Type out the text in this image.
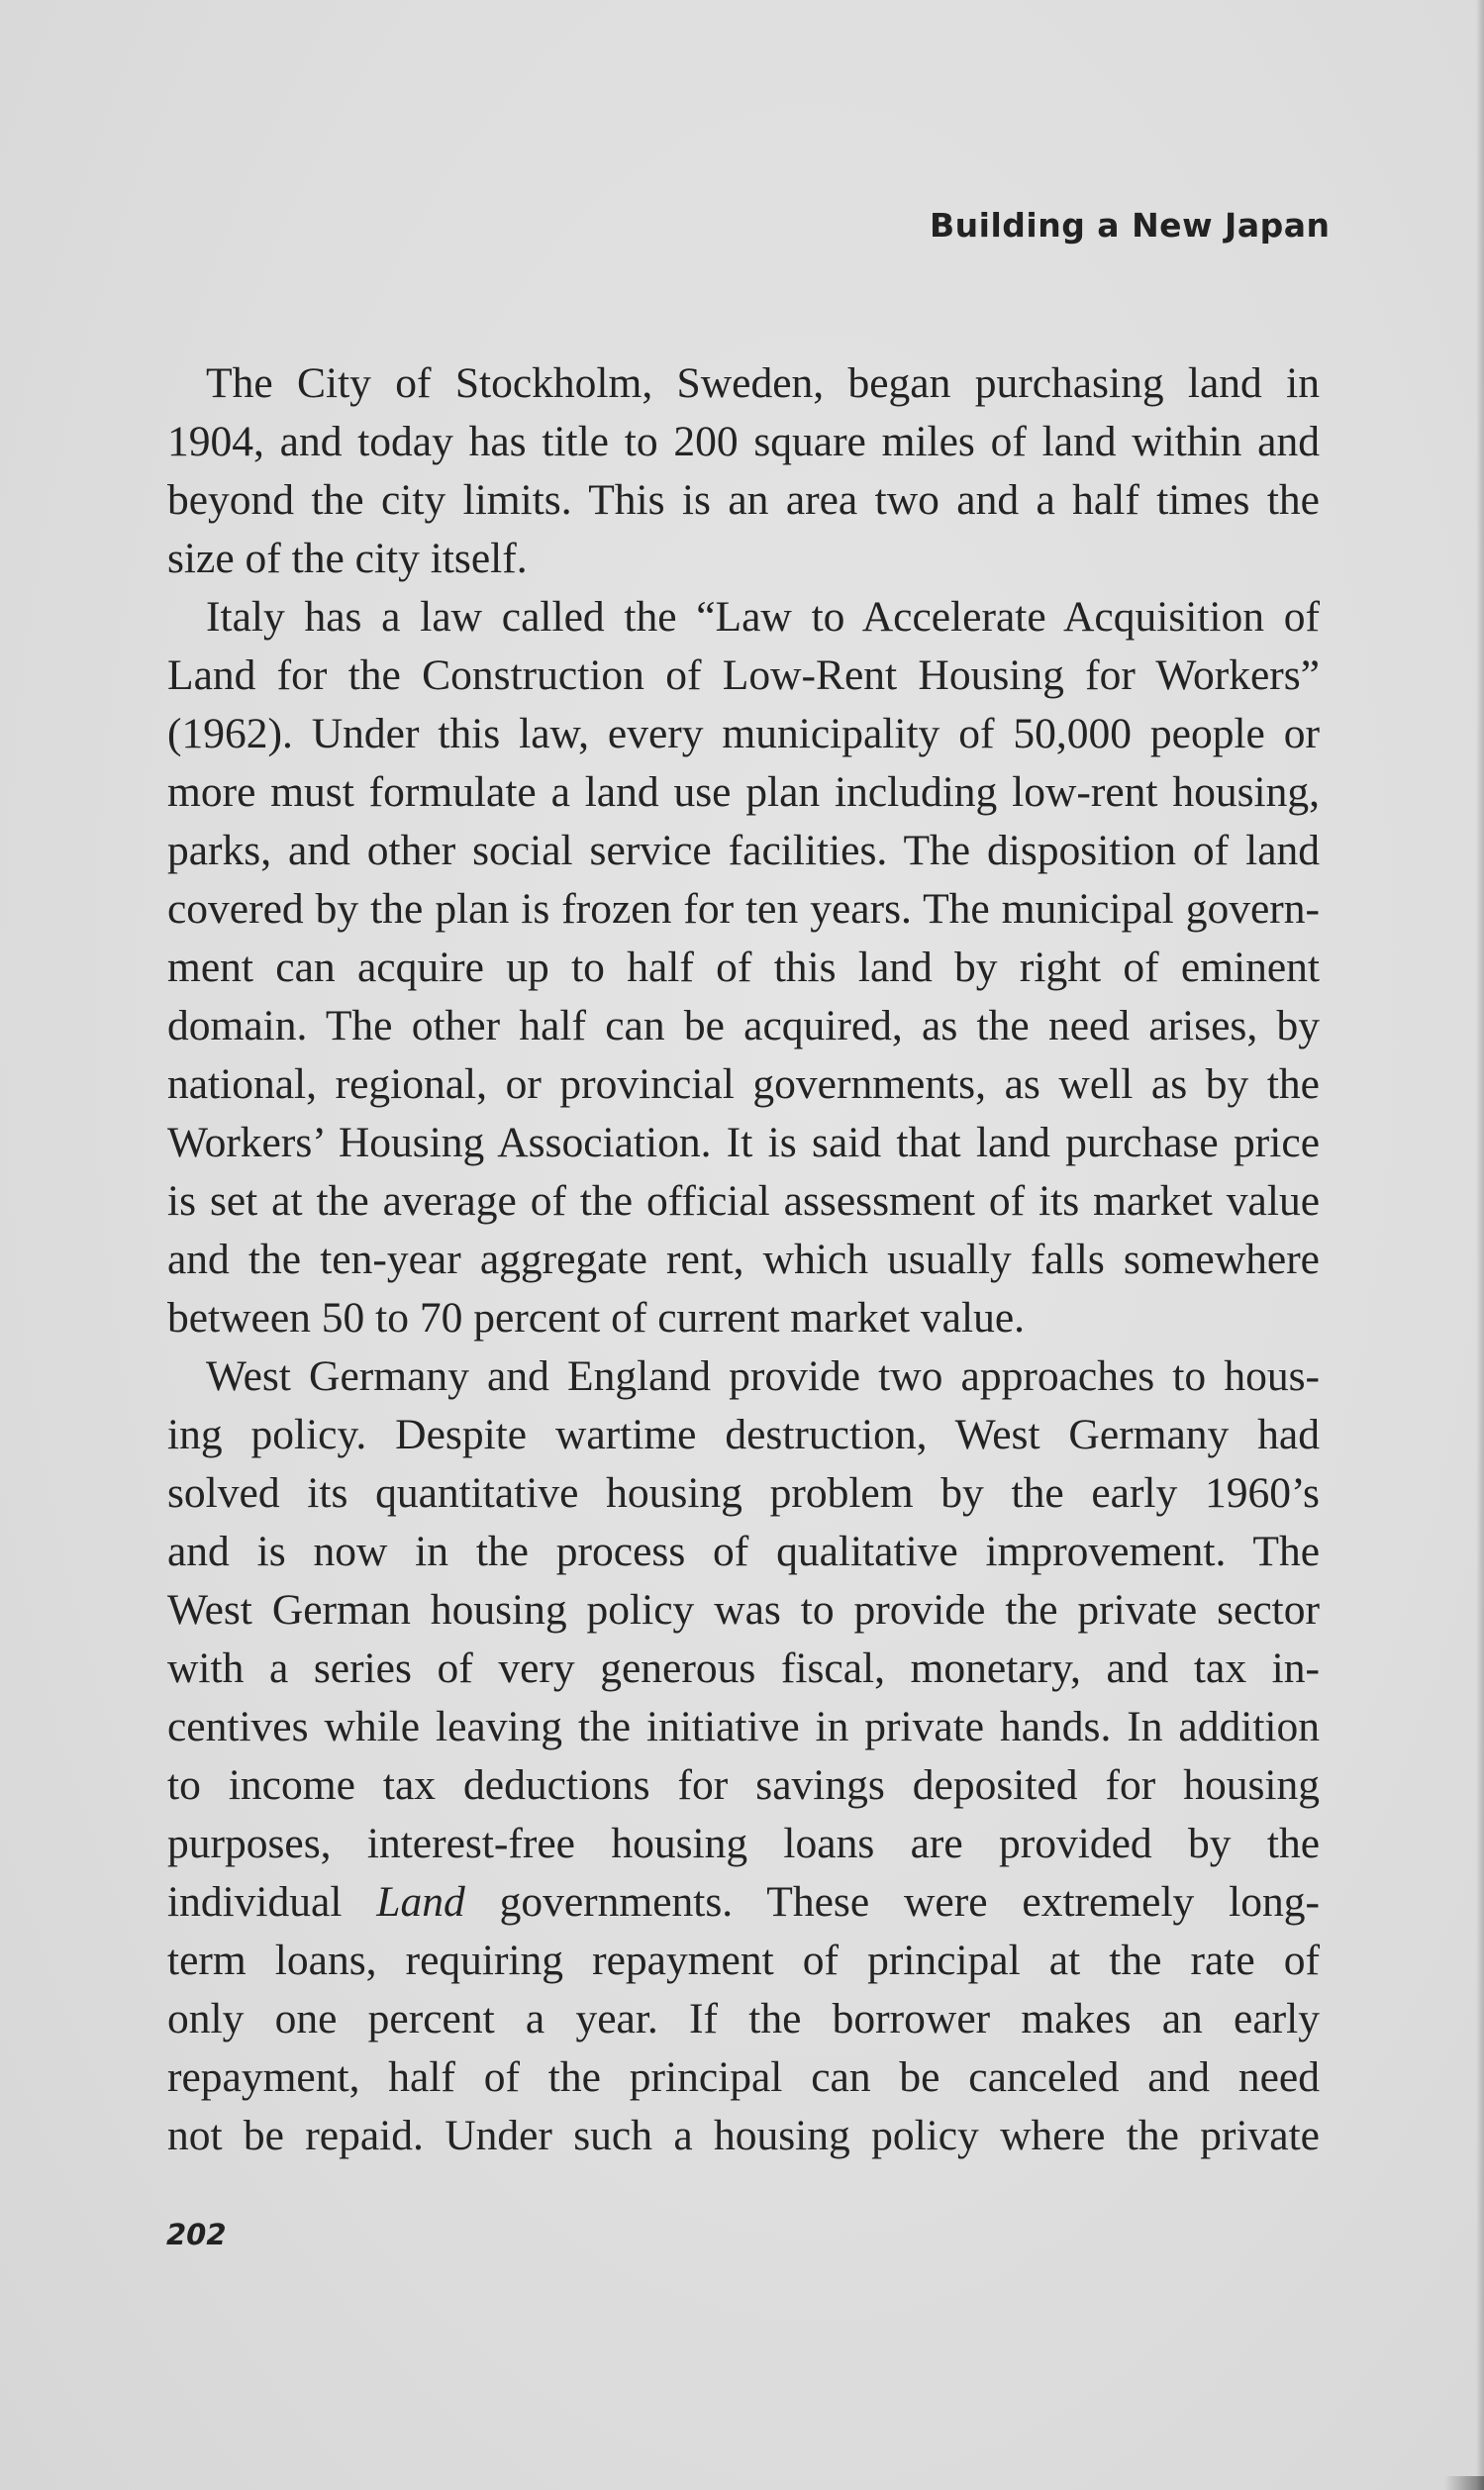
Building a New Japan
The City of Stockholm, Sweden, began purchasing land in
1904, and today has title to 200 square miles of land within and
beyond the city limits. This is an area two and a half times the
size of the city itself.
Italy has a law called the “Law to Accelerate Acquisition of
Land for the Construction of Low-Rent Housing for Workers”
(1962). Under this law, every municipality of 50,000 people or
more must formulate a land use plan including low-rent housing,
parks, and other social service facilities. The disposition of land
covered by the plan is frozen for ten years. The municipal govern-
ment can acquire up to half of this land by right of eminent
domain. The other half can be acquired, as the need arises, by
national, regional, or provincial governments, as well as by the
Workers’ Housing Association. It is said that land purchase price
is set at the average of the official assessment of its market value
and the ten-year aggregate rent, which usually falls somewhere
between 50 to 70 percent of current market value.
West Germany and England provide two approaches to hous-
ing policy. Despite wartime destruction, West Germany had
solved its quantitative housing problem by the early 1960’s
and is now in the process of qualitative improvement. The
West German housing policy was to provide the private sector
with a series of very generous fiscal, monetary, and tax in-
centives while leaving the initiative in private hands. In addition
to income tax deductions for savings deposited for housing
purposes, interest-free housing loans are provided by the
individual Land governments. These were extremely long-
term loans, requiring repayment of principal at the rate of
only one percent a year. If the borrower makes an early
repayment, half of the principal can be canceled and need
not be repaid. Under such a housing policy where the private
202
